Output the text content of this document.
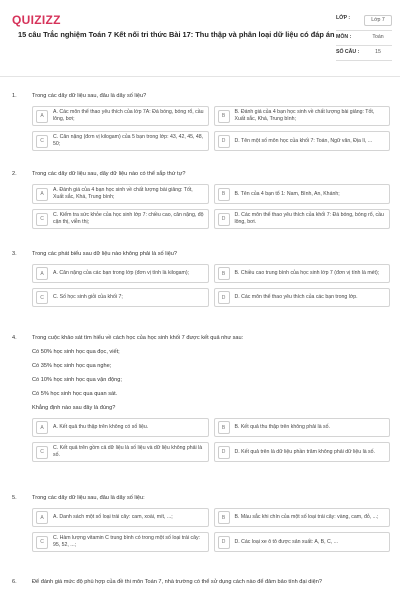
QUIZIZZ
15 câu Trắc nghiệm Toán 7 Kết nối tri thức Bài 17: Thu thập và phân loại dữ liệu có đáp án
LỚP :	Lớp 7
MÔN :	Toán
SỐ CÂU :	15
1.	Trong các dãy dữ liệu sau, đâu là dãy số liệu?
A
A. Các môn thể thao yêu thích của lớp 7A: Đá bóng, bóng rổ, cầu lông, bơi;	B
B. Đánh giá của 4 bạn học sinh về chất lượng bài giảng: Tốt, Xuất sắc, Khá, Trung bình;
C
C. Cân nặng (đơn vị kilogam) của 5 bạn trong lớp: 43, 42, 45, 48, 50;	D	D. Tên một số môn học của khối 7: Toán, Ngữ văn, Địa lí, ...
2.	Trong các dãy dữ liệu sau, dãy dữ liệu nào có thể sắp thứ tự?
A
A. Đánh giá của 4 bạn học sinh về chất lượng bài giảng: Tốt, Xuất sắc, Khá, Trung bình;	B	B. Tên của 4 bạn tổ 1: Nam, Bình, An, Khánh;
C
C. Kiểm tra sức khỏe của học sinh lớp 7: chiều cao, cân nặng, độ cận thị, viễn thị;	D
D. Các môn thể thao yêu thích của khối 7: Đá bóng, bóng rổ, cầu lông, bơi.
3.	Trong các phát biểu sau dữ liệu nào không phải là số liệu?
A	A. Cân nặng của các bạn trong lớp (đơn vị tính là kilogam);	B	B. Chiều cao trung bình của học sinh lớp 7 (đơn vị tính là mét);
C	C. Số học sinh giỏi của khối 7;	D	D. Các môn thể thao yêu thích của các bạn trong lớp.
4.	Trong cuộc khảo sát tìm hiểu về cách học của học sinh khối 7 được kết quả như sau:
Có 50% học sinh học qua đọc, viết;
Có 35% học sinh học qua nghe;
Có 10% học sinh học qua vận động;
Có 5% học sinh học qua quan sát.
Khẳng định nào sau đây là đúng?
A	A. Kết quả thu thập trên không có số liệu.	B	B. Kết quả thu thập trên không phải là số.
C
C. Kết quả trên gồm cả dữ liệu là số liệu và dữ liệu không phải là số.	D	D. Kết quả trên là dữ liệu phần trăm không phải dữ liệu là số.
5.	Trong các dãy dữ liệu sau, đâu là dãy số liệu:
A	A. Danh sách một số loại trái cây: cam, xoài, mít, ...;	B	B. Màu sắc khi chín của một số loại trái cây: vàng, cam, đỏ, ...;
C
C. Hàm lượng vitamin C trung bình có trong một số loại trái cây: 95, 52, ...;	D	D. Các loại xe ô tô được sản xuất: A, B, C, ...
6.	Để đánh giá mức độ phù hợp của đề thi môn Toán 7, nhà trường có thể sử dụng cách nào để đảm bảo tính đại diện?
